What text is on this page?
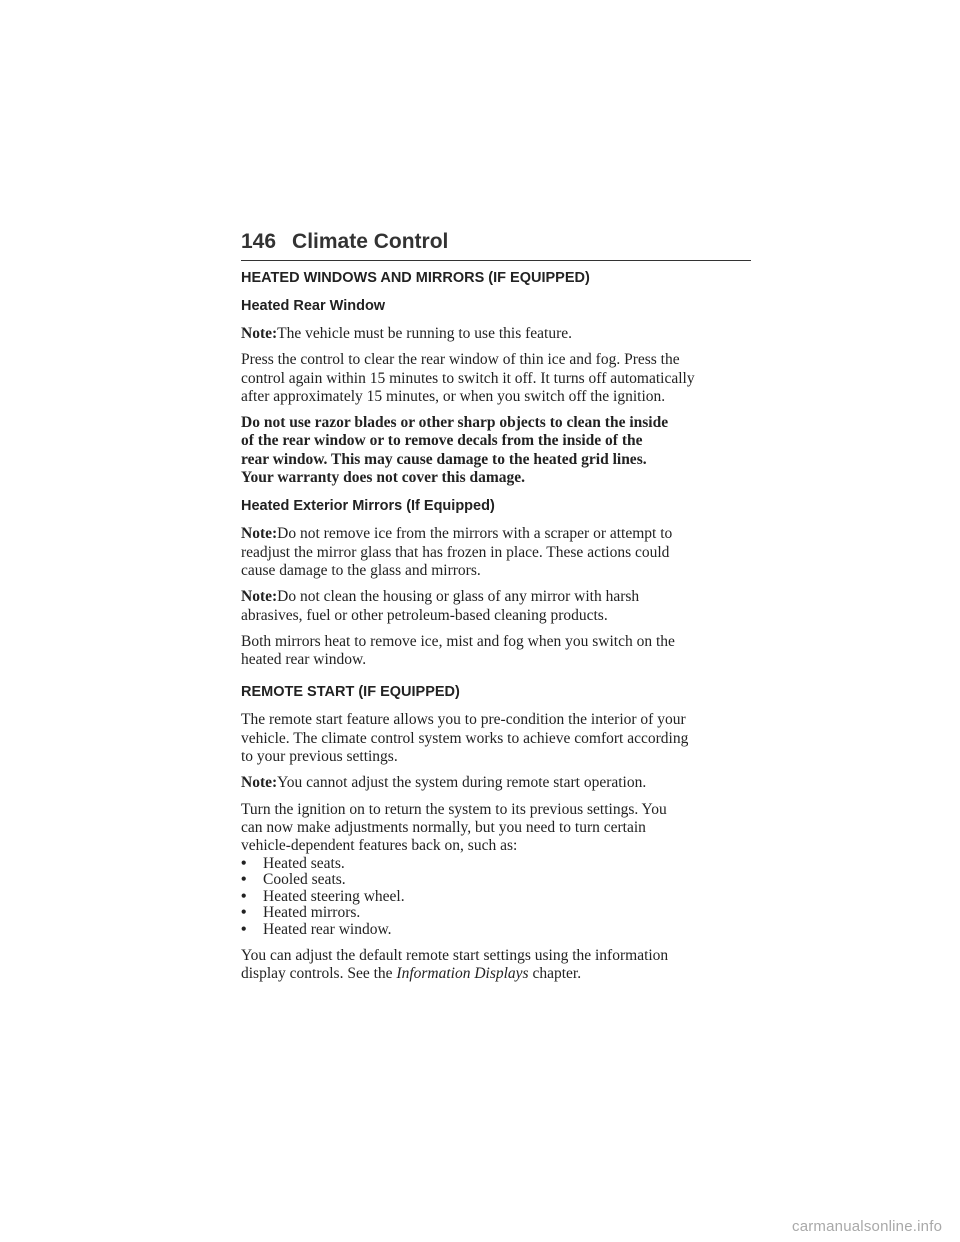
146 Climate Control
HEATED WINDOWS AND MIRRORS (IF EQUIPPED)
Heated Rear Window
Note:The vehicle must be running to use this feature.
Press the control to clear the rear window of thin ice and fog. Press the
control again within 15 minutes to switch it off. It turns off automatically
after approximately 15 minutes, or when you switch off the ignition.
Do not use razor blades or other sharp objects to clean the inside
of the rear window or to remove decals from the inside of the
rear window. This may cause damage to the heated grid lines.
Your warranty does not cover this damage.
Heated Exterior Mirrors (If Equipped)
Note:Do not remove ice from the mirrors with a scraper or attempt to
readjust the mirror glass that has frozen in place. These actions could
cause damage to the glass and mirrors.
Note:Do not clean the housing or glass of any mirror with harsh
abrasives, fuel or other petroleum-based cleaning products.
Both mirrors heat to remove ice, mist and fog when you switch on the
heated rear window.
REMOTE START (IF EQUIPPED)
The remote start feature allows you to pre-condition the interior of your
vehicle. The climate control system works to achieve comfort according
to your previous settings.
Note:You cannot adjust the system during remote start operation.
Turn the ignition on to return the system to its previous settings. You
can now make adjustments normally, but you need to turn certain
vehicle-dependent features back on, such as:
•	Heated seats.
•	Cooled seats.
•	Heated steering wheel.
•	Heated mirrors.
•	Heated rear window.
You can adjust the default remote start settings using the information
display controls. See the Information Displays chapter.
carmanualsonline.info
